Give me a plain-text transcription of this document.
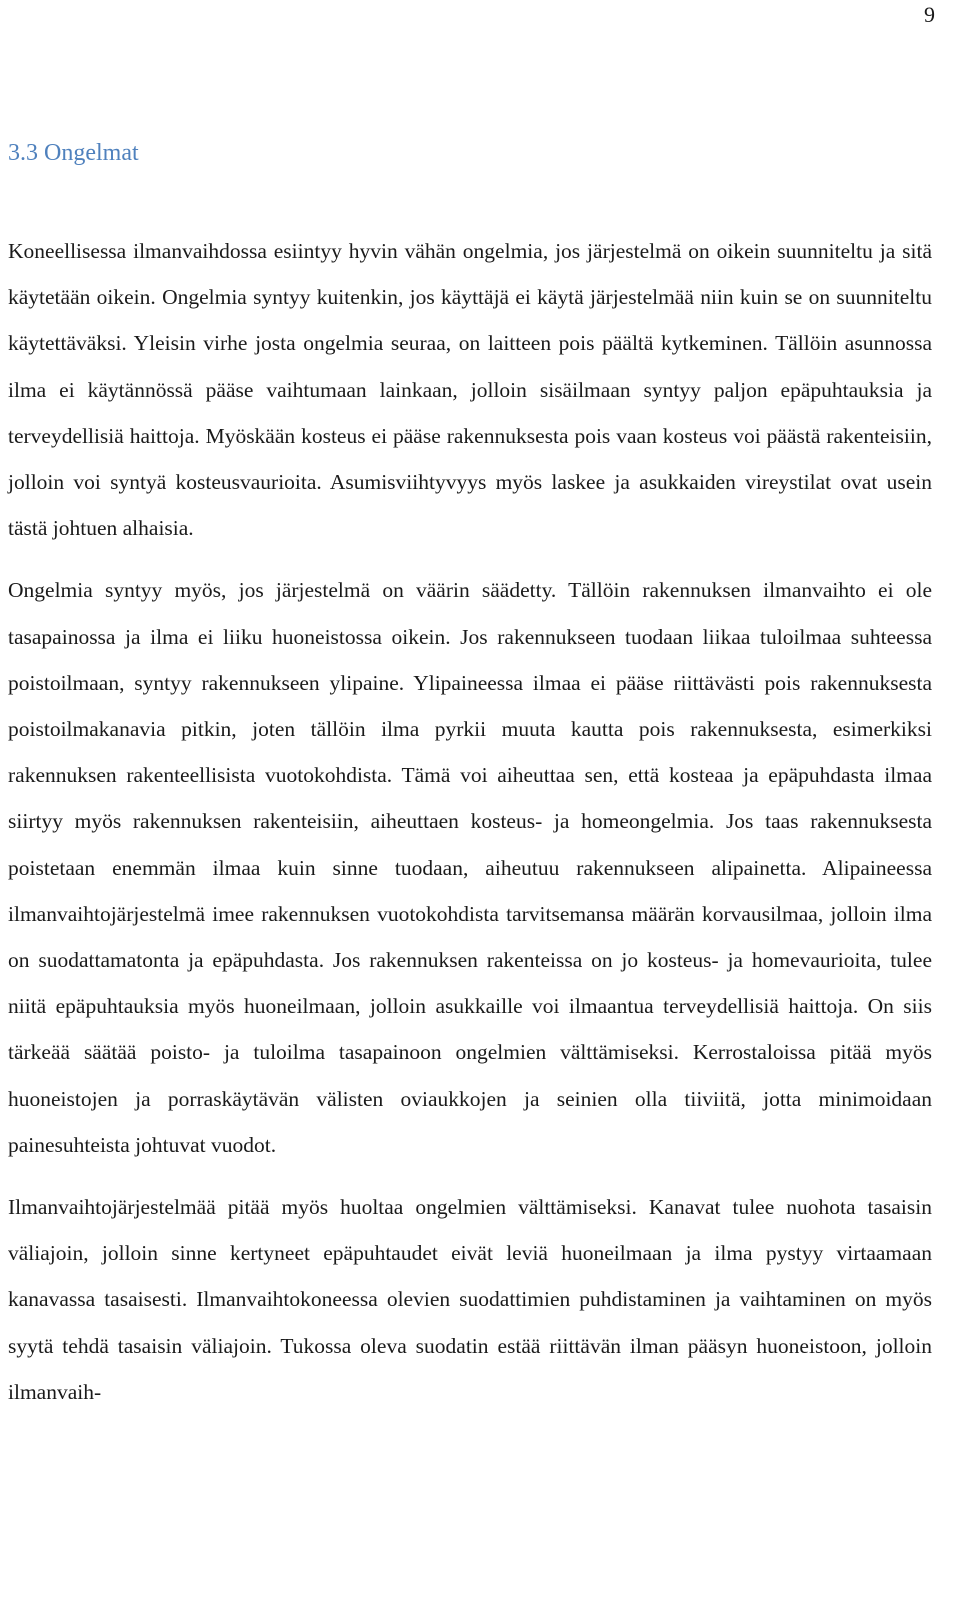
9
3.3 Ongelmat

Koneellisessa ilmanvaihdossa esiintyy hyvin vähän ongelmia, jos järjestelmä on oikein suunniteltu ja sitä käytetään oikein. Ongelmia syntyy kuitenkin, jos käyttäjä ei käytä järjestelmää niin kuin se on suunniteltu käytettäväksi. Yleisin virhe josta ongelmia seuraa, on laitteen pois päältä kytkeminen. Tällöin asunnossa ilma ei käytännössä pääse vaihtumaan lainkaan, jolloin sisäilmaan syntyy paljon epäpuhtauksia ja terveydellisiä haittoja. Myöskään kosteus ei pääse rakennuksesta pois vaan kosteus voi päästä rakenteisiin, jolloin voi syntyä kosteusvaurioita. Asumisviihtyvyys myös laskee ja asukkaiden vireystilat ovat usein tästä johtuen alhaisia.

Ongelmia syntyy myös, jos järjestelmä on väärin säädetty. Tällöin rakennuksen ilmanvaihto ei ole tasapainossa ja ilma ei liiku huoneistossa oikein. Jos rakennukseen tuodaan liikaa tuloilmaa suhteessa poistoilmaan, syntyy rakennukseen ylipaine. Ylipaineessa ilmaa ei pääse riittävästi pois rakennuksesta poistoilmakanavia pitkin, joten tällöin ilma pyrkii muuta kautta pois rakennuksesta, esimerkiksi rakennuksen rakenteellisista vuotokohdista. Tämä voi aiheuttaa sen, että kosteaa ja epäpuhdasta ilmaa siirtyy myös rakennuksen rakenteisiin, aiheuttaen kosteus- ja homeongelmia. Jos taas rakennuksesta poistetaan enemmän ilmaa kuin sinne tuodaan, aiheutuu rakennukseen alipainetta. Alipaineessa ilmanvaihtojärjestelmä imee rakennuksen vuotokohdista tarvitsemansa määrän korvausilmaa, jolloin ilma on suodattamatonta ja epäpuhdasta. Jos rakennuksen rakenteissa on jo kosteus- ja homevaurioita, tulee niitä epäpuhtauksia myös huoneilmaan, jolloin asukkaille voi ilmaantua terveydellisiä haittoja. On siis tärkeää säätää poisto- ja tuloilma tasapainoon ongelmien välttämiseksi. Kerrostaloissa pitää myös huoneistojen ja porraskäytävän välisten oviaukkojen ja seinien olla tiiviitä, jotta minimoidaan painesuhteista johtuvat vuodot.

Ilmanvaihtojärjestelmää pitää myös huoltaa ongelmien välttämiseksi. Kanavat tulee nuohota tasaisin väliajoin, jolloin sinne kertyneet epäpuhtaudet eivät leviä huoneilmaan ja ilma pystyy virtaamaan kanavassa tasaisesti. Ilmanvaihtokoneessa olevien suodattimien puhdistaminen ja vaihtaminen on myös syytä tehdä tasaisin väliajoin. Tukossa oleva suodatin estää riittävän ilman pääsyn huoneistoon, jolloin ilmanvaih-
